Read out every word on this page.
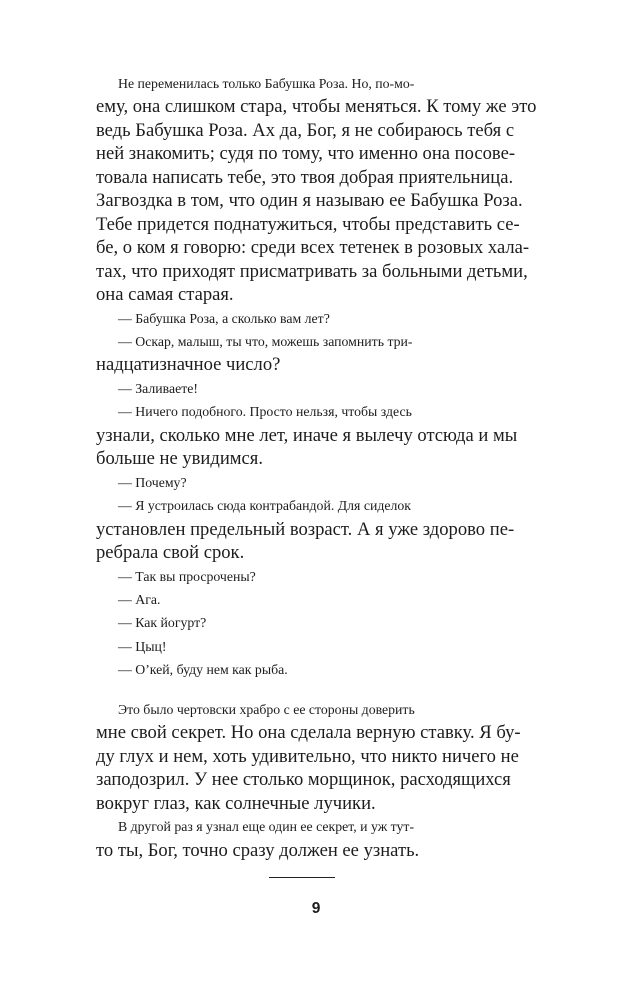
Не переменилась только Бабушка Роза. Но, по-мо-
ему, она слишком стара, чтобы меняться. К тому же это
ведь Бабушка Роза. Ах да, Бог, я не собираюсь тебя с
ней знакомить; судя по тому, что именно она посове-
товала написать тебе, это твоя добрая приятельница.
Загвоздка в том, что один я называю ее Бабушка Роза.
Тебе придется поднатужиться, чтобы представить се-
бе, о ком я говорю: среди всех тетенек в розовых хала-
тах, что приходят присматривать за больными детьми,
она самая старая.

— Бабушка Роза, а сколько вам лет?

— Оскар, малыш, ты что, можешь запомнить три-
надцатизначное число?

— Заливаете!

— Ничего подобного. Просто нельзя, чтобы здесь
узнали, сколько мне лет, иначе я вылечу отсюда и мы
больше не увидимся.

— Почему?

— Я устроилась сюда контрабандой. Для сиделок
установлен предельный возраст. А я уже здорово пе-
ребрала свой срок.

— Так вы просрочены?

— Ага.

— Как йогурт?

— Цыц!

— О’кей, буду нем как рыба.

Это было чертовски храбро с ее стороны доверить
мне свой секрет. Но она сделала верную ставку. Я бу-
ду глух и нем, хоть удивительно, что никто ничего не
заподозрил. У нее столько морщинок, расходящихся
вокруг глаз, как солнечные лучики.

В другой раз я узнал еще один ее секрет, и уж тут-
то ты, Бог, точно сразу должен ее узнать.

9
